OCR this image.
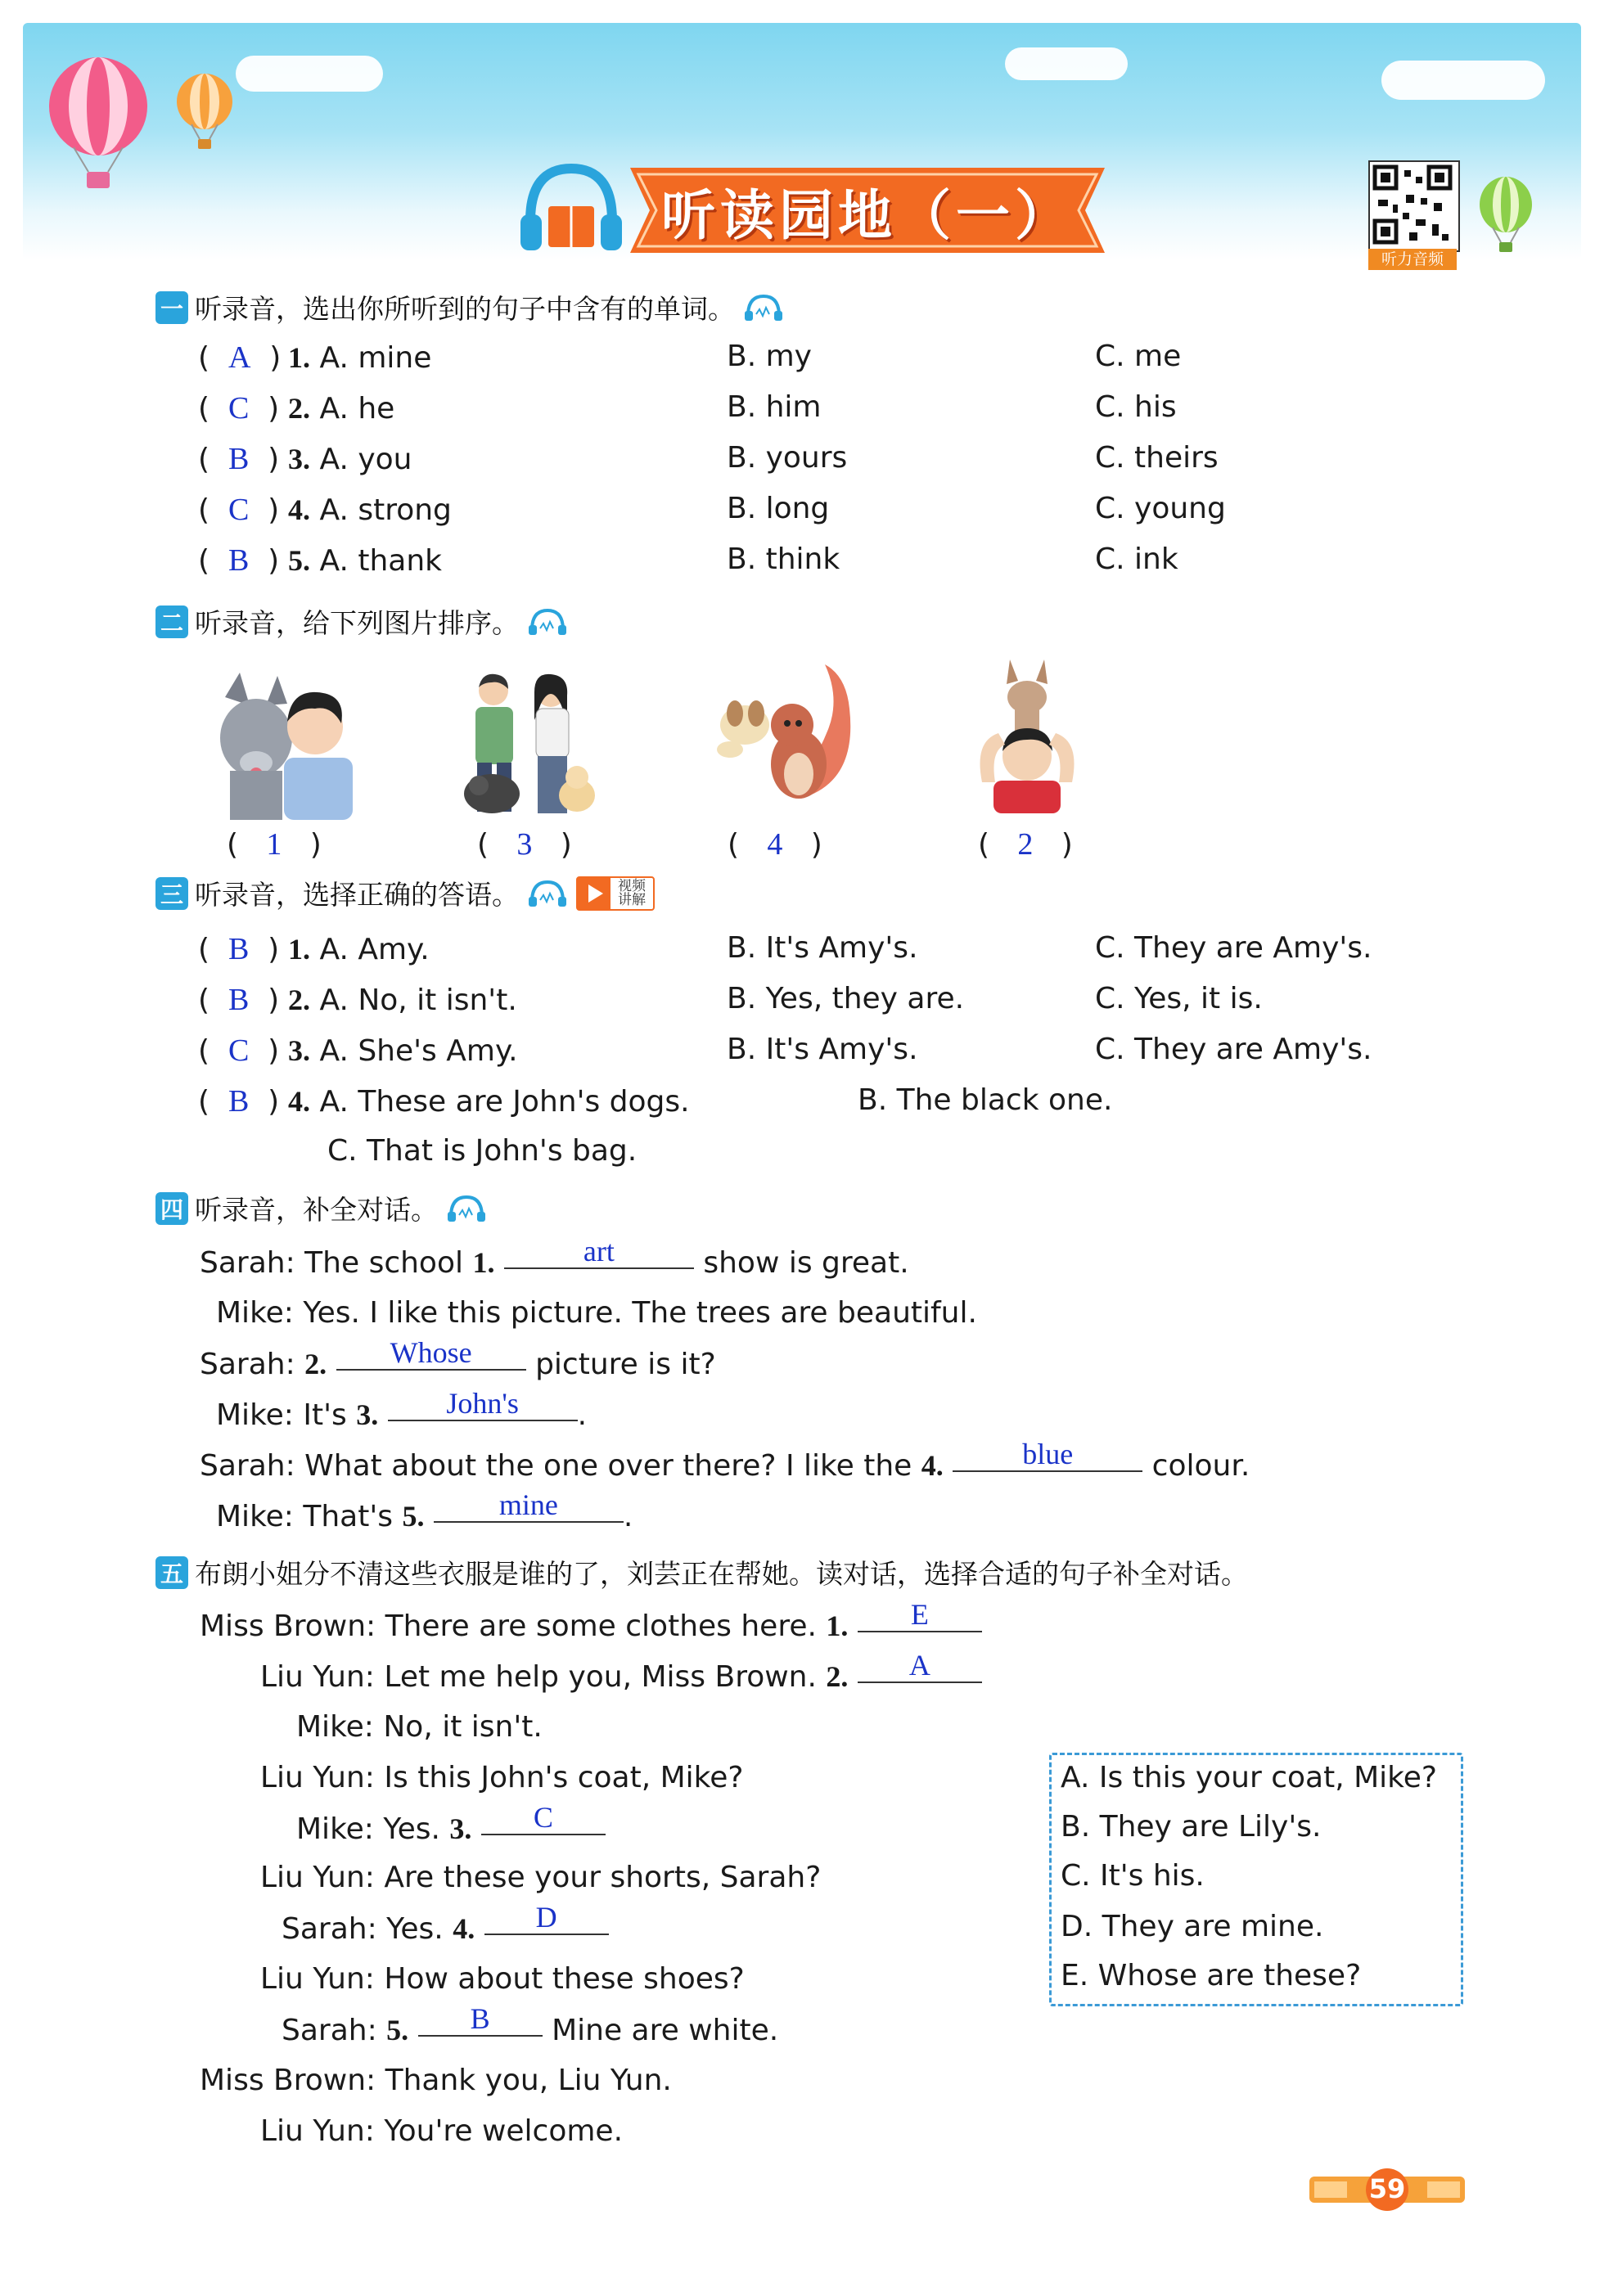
听读园地（一）
听力音频
一 听录音，选出你所听到的句子中含有的单词。
(  A  ) 1. A. mine	B. my	C. me
(  C  ) 2. A. he	B. him	C. his
(  B  ) 3. A. you	B. yours	C. theirs
(  C  ) 4. A. strong	B. long	C. young
(  B  ) 5. A. thank	B. think	C. ink
二 听录音，给下列图片排序。
(   1   )	(   3   )	(   4   )	(   2   )
三 听录音，选择正确的答语。	视频讲解
(  B  ) 1. A. Amy.	B. It's Amy's.	C. They are Amy's.
(  B  ) 2. A. No, it isn't.	B. Yes, they are.	C. Yes, it is.
(  C  ) 3. A. She's Amy.	B. It's Amy's.	C. They are Amy's.
(  B  ) 4. A. These are John's dogs.	B. The black one.
C. That is John's bag.
四 听录音，补全对话。
Sarah: The school 1.	art	show is great.
Mike: Yes. I like this picture. The trees are beautiful.
Sarah: 2. Whose picture is it?
Mike: It's 3. John's .
Sarah: What about the one over there? I like the 4.	blue	colour.
Mike: That's 5.	mine .
五 布朗小姐分不清这些衣服是谁的了，刘芸正在帮她。读对话，选择合适的句子补全对话。
Miss Brown: There are some clothes here. 1. E
Liu Yun: Let me help you, Miss Brown. 2. A
Mike: No, it isn't.
Liu Yun: Is this John's coat, Mike?
Mike: Yes. 3. C
Liu Yun: Are these your shorts, Sarah?
Sarah: Yes. 4. D
Liu Yun: How about these shoes?
Sarah: 5. B Mine are white.
Miss Brown: Thank you, Liu Yun.
Liu Yun: You're welcome.
A. Is this your coat, Mike?
B. They are Lily's.
C. It's his.
D. They are mine.
E. Whose are these?
59
